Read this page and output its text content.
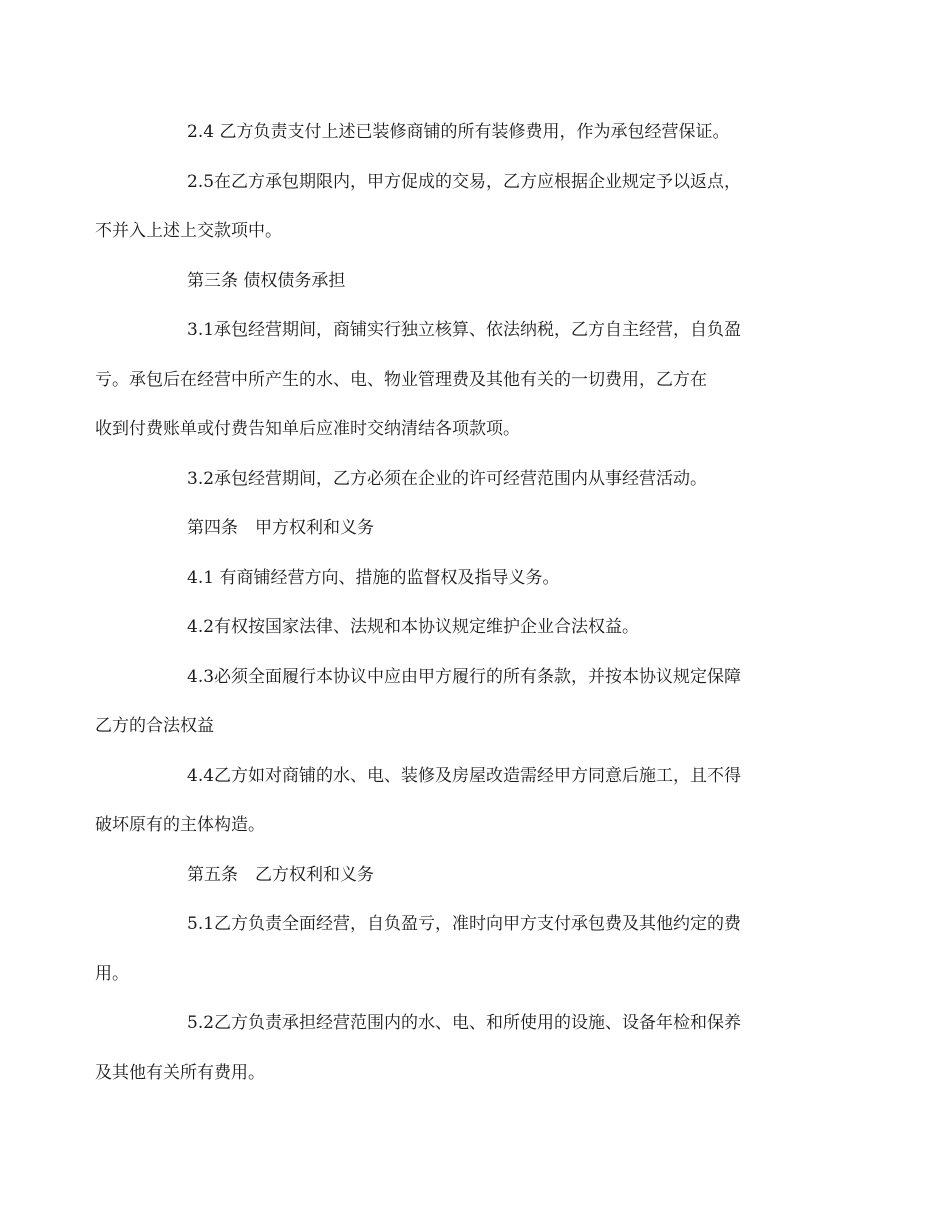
2.4 乙方负责支付上述已装修商铺的所有装修费用，作为承包经营保证。
2.5在乙方承包期限内，甲方促成的交易，乙方应根据企业规定予以返点，
不并入上述上交款项中。
第三条 债权债务承担
3.1承包经营期间，商铺实行独立核算、依法纳税，乙方自主经营，自负盈
亏。承包后在经营中所产生的水、电、物业管理费及其他有关的一切费用，乙方在
收到付费账单或付费告知单后应准时交纳清结各项款项。
3.2承包经营期间，乙方必须在企业的许可经营范围内从事经营活动。
第四条　甲方权利和义务
4.1 有商铺经营方向、措施的监督权及指导义务。
4.2有权按国家法律、法规和本协议规定维护企业合法权益。
4.3必须全面履行本协议中应由甲方履行的所有条款，并按本协议规定保障
乙方的合法权益
4.4乙方如对商铺的水、电、装修及房屋改造需经甲方同意后施工，且不得
破坏原有的主体构造。
第五条　乙方权利和义务
5.1乙方负责全面经营，自负盈亏，准时向甲方支付承包费及其他约定的费
用。
5.2乙方负责承担经营范围内的水、电、和所使用的设施、设备年检和保养
及其他有关所有费用。
